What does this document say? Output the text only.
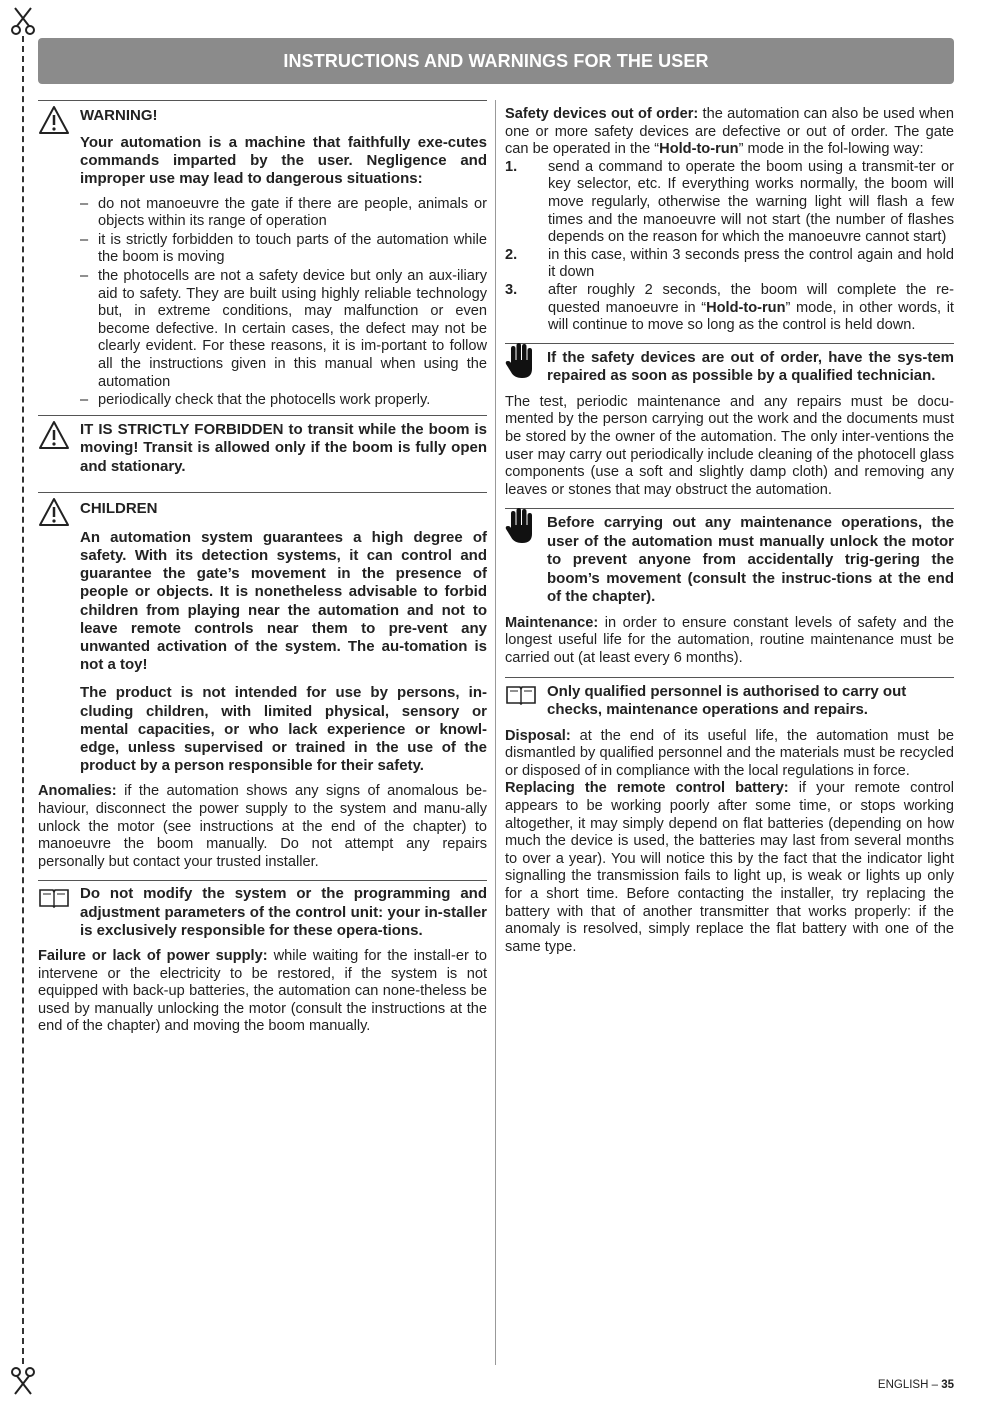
INSTRUCTIONS AND WARNINGS FOR THE USER
WARNING!

Your automation is a machine that faithfully exe-cutes commands imparted by the user. Negligence and improper use may lead to dangerous situations:

– do not manoeuvre the gate if there are people, animals or objects within its range of operation
– it is strictly forbidden to touch parts of the automation while the boom is moving
– the photocells are not a safety device but only an aux-iliary aid to safety. They are built using highly reliable technology but, in extreme conditions, may malfunction or even become defective. In certain cases, the defect may not be clearly evident. For these reasons, it is im-portant to follow all the instructions given in this manual when using the automation
– periodically check that the photocells work properly.

IT IS STRICTLY FORBIDDEN to transit while the boom is moving! Transit is allowed only if the boom is fully open and stationary.

CHILDREN

An automation system guarantees a high degree of safety. With its detection systems, it can control and guarantee the gate’s movement in the presence of people or objects. It is nonetheless advisable to forbid children from playing near the automation and not to leave remote controls near them to pre-vent any unwanted activation of the system. The au-tomation is not a toy!

The product is not intended for use by persons, in-cluding children, with limited physical, sensory or mental capacities, or who lack experience or knowl-edge, unless supervised or trained in the use of the product by a person responsible for their safety.

Anomalies: if the automation shows any signs of anomalous be-haviour, disconnect the power supply to the system and manu-ally unlock the motor (see instructions at the end of the chapter) to manoeuvre the boom manually. Do not attempt any repairs personally but contact your trusted installer.

Do not modify the system or the programming and adjustment parameters of the control unit: your in-staller is exclusively responsible for these opera-tions.

Failure or lack of power supply: while waiting for the install-er to intervene or the electricity to be restored, if the system is not equipped with back-up batteries, the automation can none-theless be used by manually unlocking the motor (consult the instructions at the end of the chapter) and moving the boom manually.

Safety devices out of order: the automation can also be used when one or more safety devices are defective or out of order. The gate can be operated in the “Hold-to-run” mode in the fol-lowing way:

1. send a command to operate the boom using a transmit-ter or key selector, etc. If everything works normally, the boom will move regularly, otherwise the warning light will flash a few times and the manoeuvre will not start (the number of flashes depends on the reason for which the manoeuvre cannot start)
2. in this case, within 3 seconds press the control again and hold it down
3. after roughly 2 seconds, the boom will complete the re-quested manoeuvre in “Hold-to-run” mode, in other words, it will continue to move so long as the control is held down.

If the safety devices are out of order, have the sys-tem repaired as soon as possible by a qualified technician.

The test, periodic maintenance and any repairs must be docu-mented by the person carrying out the work and the documents must be stored by the owner of the automation. The only inter-ventions the user may carry out periodically include cleaning of the photocell glass components (use a soft and slightly damp cloth) and removing any leaves or stones that may obstruct the automation.

Before carrying out any maintenance operations, the user of the automation must manually unlock the motor to prevent anyone from accidentally trig-gering the boom’s movement (consult the instruc-tions at the end of the chapter).

Maintenance: in order to ensure constant levels of safety and the longest useful life for the automation, routine maintenance must be carried out (at least every 6 months).

Only qualified personnel is authorised to carry out checks, maintenance operations and repairs.

Disposal: at the end of its useful life, the automation must be dismantled by qualified personnel and the materials must be recycled or disposed of in compliance with the local regulations in force.

Replacing the remote control battery: if your remote control appears to be working poorly after some time, or stops working altogether, it may simply depend on flat batteries (depending on how much the device is used, the batteries may last from several months to over a year). You will notice this by the fact that the indicator light signalling the transmission fails to light up, is weak or lights up only for a short time. Before contacting the installer, try replacing the battery with that of another transmitter that works properly: if the anomaly is resolved, simply replace the flat battery with one of the same type.

ENGLISH – 35
